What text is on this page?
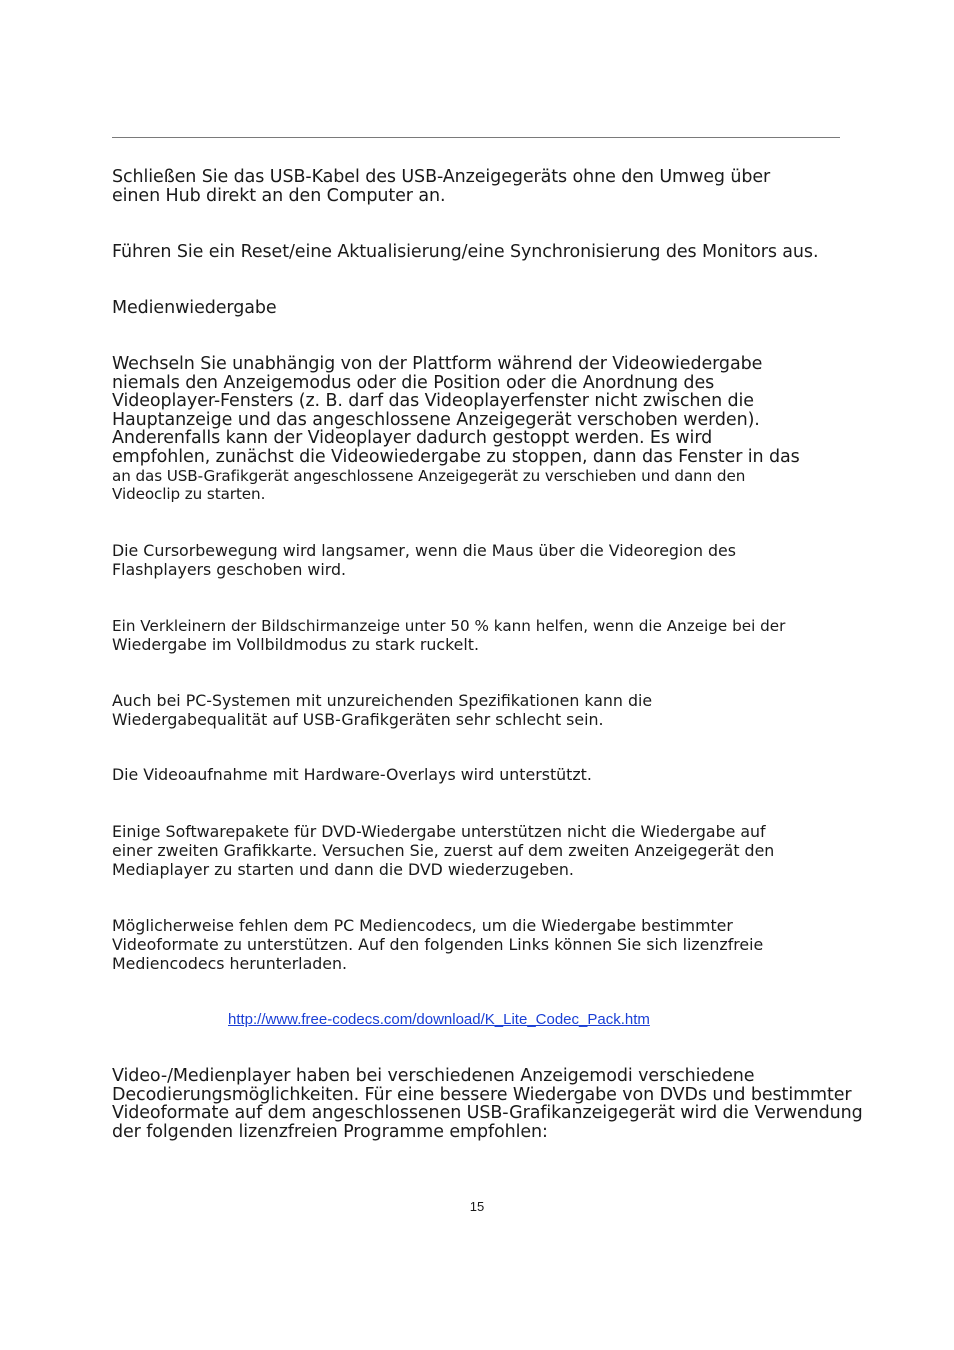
Schließen Sie das USB-Kabel des USB-Anzeigegeräts ohne den Umweg über
einen Hub direkt an den Computer an.

Führen Sie ein Reset/eine Aktualisierung/eine Synchronisierung des Monitors aus.

Medienwiedergabe

Wechseln Sie unabhängig von der Plattform während der Videowiedergabe
niemals den Anzeigemodus oder die Position oder die Anordnung des
Videoplayer-Fensters (z. B. darf das Videoplayerfenster nicht zwischen die
Hauptanzeige und das angeschlossene Anzeigegerät verschoben werden).
Anderenfalls kann der Videoplayer dadurch gestoppt werden. Es wird
empfohlen, zunächst die Videowiedergabe zu stoppen, dann das Fenster in das
an das USB-Grafikgerät angeschlossene Anzeigegerät zu verschieben und dann den
Videoclip zu starten.

Die Cursorbewegung wird langsamer, wenn die Maus über die Videoregion des
Flashplayers geschoben wird.

Ein Verkleinern der Bildschirmanzeige unter 50 % kann helfen, wenn die Anzeige bei der
Wiedergabe im Vollbildmodus zu stark ruckelt.

Auch bei PC-Systemen mit unzureichenden Spezifikationen kann die
Wiedergabequalität auf USB-Grafikgeräten sehr schlecht sein.

Die Videoaufnahme mit Hardware-Overlays wird unterstützt.

Einige Softwarepakete für DVD-Wiedergabe unterstützen nicht die Wiedergabe auf
einer zweiten Grafikkarte. Versuchen Sie, zuerst auf dem zweiten Anzeigegerät den
Mediaplayer zu starten und dann die DVD wiederzugeben.

Möglicherweise fehlen dem PC Mediencodecs, um die Wiedergabe bestimmter
Videoformate zu unterstützen. Auf den folgenden Links können Sie sich lizenzfreie
Mediencodecs herunterladen.

http://www.free-codecs.com/download/K_Lite_Codec_Pack.htm

Video-/Medienplayer haben bei verschiedenen Anzeigemodi verschiedene
Decodierungsmöglichkeiten. Für eine bessere Wiedergabe von DVDs und bestimmter
Videoformate auf dem angeschlossenen USB-Grafikanzeigegerät wird die Verwendung
der folgenden lizenzfreien Programme empfohlen:

15
